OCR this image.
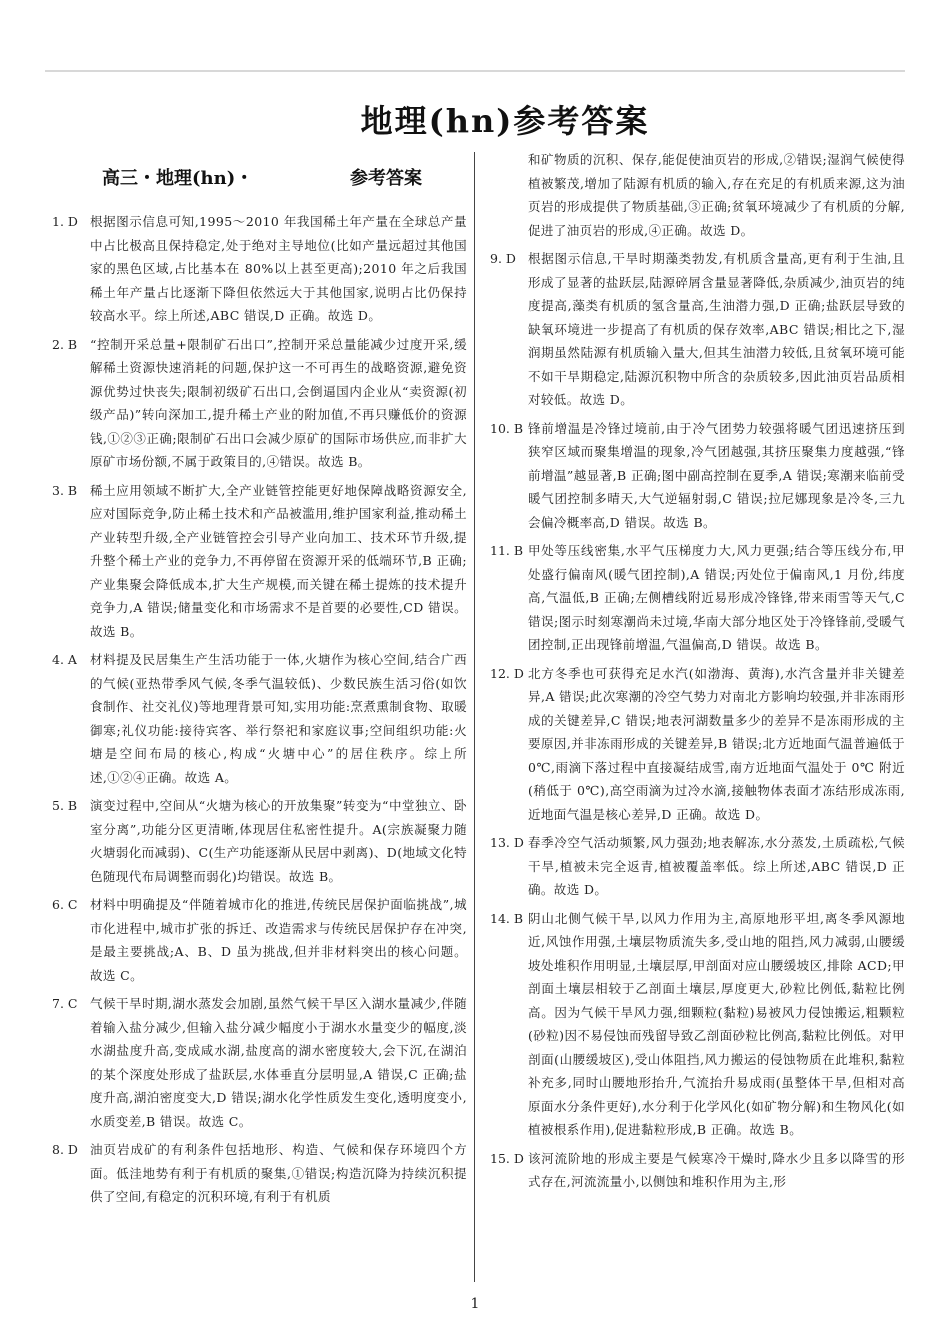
地理(hn)参考答案
高三・地理(hn)・	参考答案
1. D 根据图示信息可知,1995～2010 年我国稀土年产量在全球总产量中占比极高且保持稳定,处于绝对主导地位(比如产量远超过其他国家的黑色区域,占比基本在 80%以上甚至更高);2010 年之后我国稀土年产量占比逐渐下降但依然远大于其他国家,说明占比仍保持较高水平。综上所述,ABC 错误,D 正确。故选 D。
2. B	“控制开采总量+限制矿石出口”,控制开采总量能减少过度开采,缓解稀土资源快速消耗的问题,保护这一不可再生的战略资源,避免资源优势过快丧失;限制初级矿石出口,会倒逼国内企业从“卖资源(初级产品)”转向深加工,提升稀土产业的附加值,不再只赚低价的资源钱,①②③正确;限制矿石出口会减少原矿的国际市场供应,而非扩大原矿市场份额,不属于政策目的,④错误。故选 B。
3. B	稀土应用领域不断扩大,全产业链管控能更好地保障战略资源安全,应对国际竞争,防止稀土技术和产品被滥用,维护国家利益,推动稀土产业转型升级,全产业链管控会引导产业向加工、技术环节升级,提升整个稀土产业的竞争力,不再停留在资源开采的低端环节,B 正确;产业集聚会降低成本,扩大生产规模,而关键在稀土提炼的技术提升竞争力,A 错误;储量变化和市场需求不是首要的必要性,CD 错误。故选 B。
4. A	材料提及民居集生产生活功能于一体,火塘作为核心空间,结合广西的气候(亚热带季风气候,冬季气温较低)、少数民族生活习俗(如饮食制作、社交礼仪)等地理背景可知,实用功能:烹煮熏制食物、取暖御寒;礼仪功能:接待宾客、举行祭祀和家庭议事;空间组织功能:火塘是空间布局的核心,构成“火塘中心”的居住秩序。综上所述,①②④正确。故选 A。
5. B	演变过程中,空间从“火塘为核心的开放集聚”转变为“中堂独立、卧室分离”,功能分区更清晰,体现居住私密性提升。A(宗族凝聚力随火塘弱化而减弱)、C(生产功能逐渐从民居中剥离)、D(地域文化特色随现代布局调整而弱化)均错误。故选 B。
6. C	材料中明确提及“伴随着城市化的推进,传统民居保护面临挑战”,城市化进程中,城市扩张的拆迁、改造需求与传统民居保护存在冲突,是最主要挑战;A、B、D 虽为挑战,但并非材料突出的核心问题。故选 C。
7. C	气候干旱时期,湖水蒸发会加剧,虽然气候干旱区入湖水量减少,伴随着输入盐分减少,但输入盐分减少幅度小于湖水水量变少的幅度,淡水湖盐度升高,变成咸水湖,盐度高的湖水密度较大,会下沉,在湖泊的某个深度处形成了盐跃层,水体垂直分层明显,A 错误,C 正确;盐度升高,湖泊密度变大,D 错误;湖水化学性质发生变化,透明度变小,水质变差,B 错误。故选 C。
8. D 油页岩成矿的有利条件包括地形、构造、气候和保存环境四个方面。低洼地势有利于有机质的聚集,①错误;构造沉降为持续沉积提供了空间,有稳定的沉积环境,有利于有机质
和矿物质的沉积、保存,能促使油页岩的形成,②错误;湿润气候使得植被繁茂,增加了陆源有机质的输入,存在充足的有机质来源,这为油页岩的形成提供了物质基础,③正确;贫氧环境减少了有机质的分解,促进了油页岩的形成,④正确。故选 D。
9. D 根据图示信息,干旱时期藻类勃发,有机质含量高,更有利于生油,且形成了显著的盐跃层,陆源碎屑含量显著降低,杂质减少,油页岩的纯度提高,藻类有机质的氢含量高,生油潜力强,D 正确;盐跃层导致的缺氧环境进一步提高了有机质的保存效率,ABC 错误;相比之下,湿润期虽然陆源有机质输入量大,但其生油潜力较低,且贫氧环境可能不如干旱期稳定,陆源沉积物中所含的杂质较多,因此油页岩品质相对较低。故选 D。
10. B 锋前增温是冷锋过境前,由于冷气团势力较强将暖气团迅速挤压到狭窄区域而聚集增温的现象,冷气团越强,其挤压聚集力度越强,“锋前增温”越显著,B 正确;图中副高控制在夏季,A 错误;寒潮来临前受暖气团控制多晴天,大气逆辐射弱,C 错误;拉尼娜现象是冷冬,三九会偏冷概率高,D 错误。故选 B。
11. B 甲处等压线密集,水平气压梯度力大,风力更强;结合等压线分布,甲处盛行偏南风(暖气团控制),A 错误;丙处位于偏南风,1 月份,纬度高,气温低,B 正确;左侧槽线附近易形成冷锋锋,带来雨雪等天气,C 错误;图示时刻寒潮尚未过境,华南大部分地区处于冷锋锋前,受暖气团控制,正出现锋前增温,气温偏高,D 错误。故选 B。
12. D 北方冬季也可获得充足水汽(如渤海、黄海),水汽含量并非关键差异,A 错误;此次寒潮的冷空气势力对南北方影响均较强,并非冻雨形成的关键差异,C 错误;地表河湖数量多少的差异不是冻雨形成的主要原因,并非冻雨形成的关键差异,B 错误;北方近地面气温普遍低于 0℃,雨滴下落过程中直接凝结成雪,南方近地面气温处于 0℃ 附近(稍低于 0℃),高空雨滴为过冷水滴,接触物体表面才冻结形成冻雨,近地面气温是核心差异,D 正确。故选 D。
13. D 春季冷空气活动频繁,风力强劲;地表解冻,水分蒸发,土质疏松,气候干旱,植被未完全返青,植被覆盖率低。综上所述,ABC 错误,D 正确。故选 D。
14. B 阴山北侧气候干旱,以风力作用为主,高原地形平坦,离冬季风源地近,风蚀作用强,土壤层物质流失多,受山地的阻挡,风力减弱,山腰缓坡处堆积作用明显,土壤层厚,甲剖面对应山腰缓坡区,排除 ACD;甲剖面土壤层相较于乙剖面土壤层,厚度更大,砂粒比例低,黏粒比例高。因为气候干旱风力强,细颗粒(黏粒)易被风力侵蚀搬运,粗颗粒(砂粒)因不易侵蚀而残留导致乙剖面砂粒比例高,黏粒比例低。对甲剖面(山腰缓坡区),受山体阻挡,风力搬运的侵蚀物质在此堆积,黏粒补充多,同时山腰地形抬升,气流抬升易成雨(虽整体干旱,但相对高原面水分条件更好),水分利于化学风化(如矿物分解)和生物风化(如植被根系作用),促进黏粒形成,B 正确。故选 B。
15. D 该河流阶地的形成主要是气候寒冷干燥时,降水少且多以降雪的形式存在,河流流量小,以侧蚀和堆积作用为主,形
1
